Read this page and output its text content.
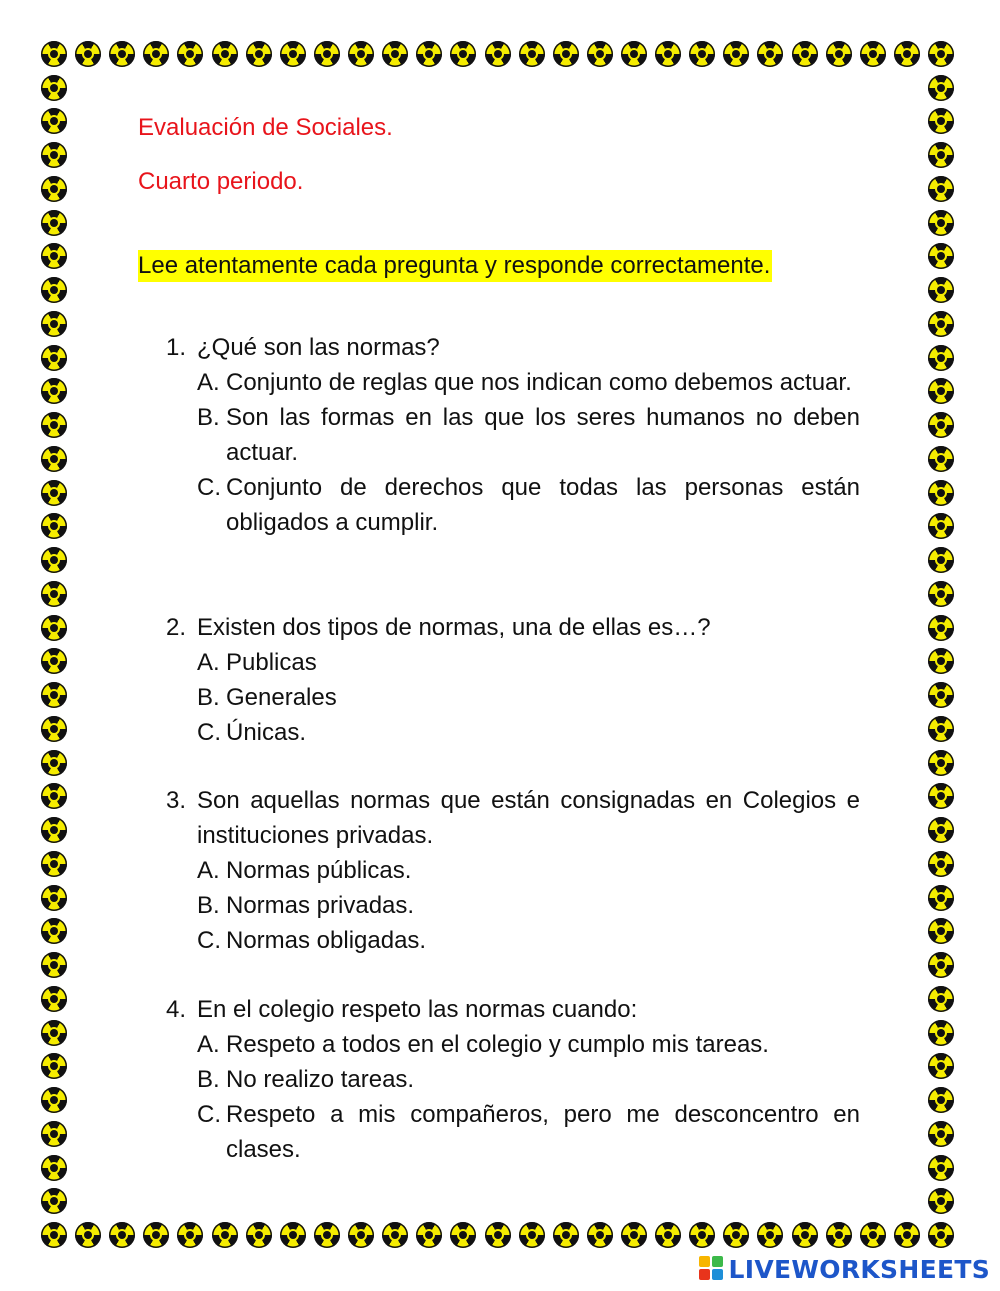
Evaluación de Sociales.
Cuarto periodo.
Lee atentamente cada pregunta y responde correctamente.
1. ¿Qué son las normas?
A. Conjunto de reglas que nos indican como debemos actuar.
B. Son las formas en las que los seres humanos no deben actuar.
C. Conjunto de derechos que todas las personas están obligados a cumplir.
2. Existen dos tipos de normas, una de ellas es…?
A. Publicas
B. Generales
C. Únicas.
3. Son aquellas normas que están consignadas en Colegios e instituciones privadas.
A. Normas públicas.
B. Normas privadas.
C. Normas obligadas.
4. En el colegio respeto las normas cuando:
A. Respeto a todos en el colegio y cumplo mis tareas.
B. No realizo tareas.
C. Respeto a mis compañeros, pero me desconcentro en clases.
LIVEWORKSHEETS
